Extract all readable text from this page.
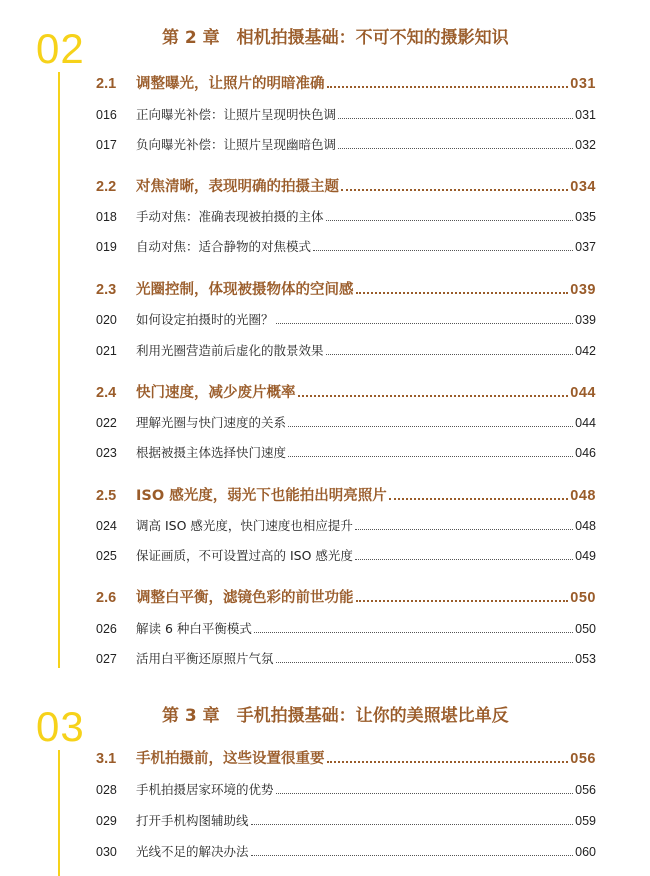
02	第 2 章　相机拍摄基础：不可不知的摄影知识
2.1	调整曝光，让照片的明暗准确	031
016	正向曝光补偿：让照片呈现明快色调	031
017	负向曝光补偿：让照片呈现幽暗色调	032
2.2	对焦清晰，表现明确的拍摄主题	034
018	手动对焦：准确表现被拍摄的主体	035
019	自动对焦：适合静物的对焦模式	037
2.3	光圈控制，体现被摄物体的空间感	039
020	如何设定拍摄时的光圈？	039
021	利用光圈营造前后虚化的散景效果	042
2.4	快门速度，减少废片概率	044
022	理解光圈与快门速度的关系	044
023	根据被摄主体选择快门速度	046
2.5	ISO 感光度，弱光下也能拍出明亮照片	048
024	调高 ISO 感光度，快门速度也相应提升	048
025	保证画质，不可设置过高的 ISO 感光度	049
2.6	调整白平衡，滤镜色彩的前世功能	050
026	解读 6 种白平衡模式	050
027	活用白平衡还原照片气氛	053
03	第 3 章　手机拍摄基础：让你的美照堪比单反
3.1	手机拍摄前，这些设置很重要	056
028	手机拍摄居家环境的优势	056
029	打开手机构图辅助线	059
030	光线不足的解决办法	060
